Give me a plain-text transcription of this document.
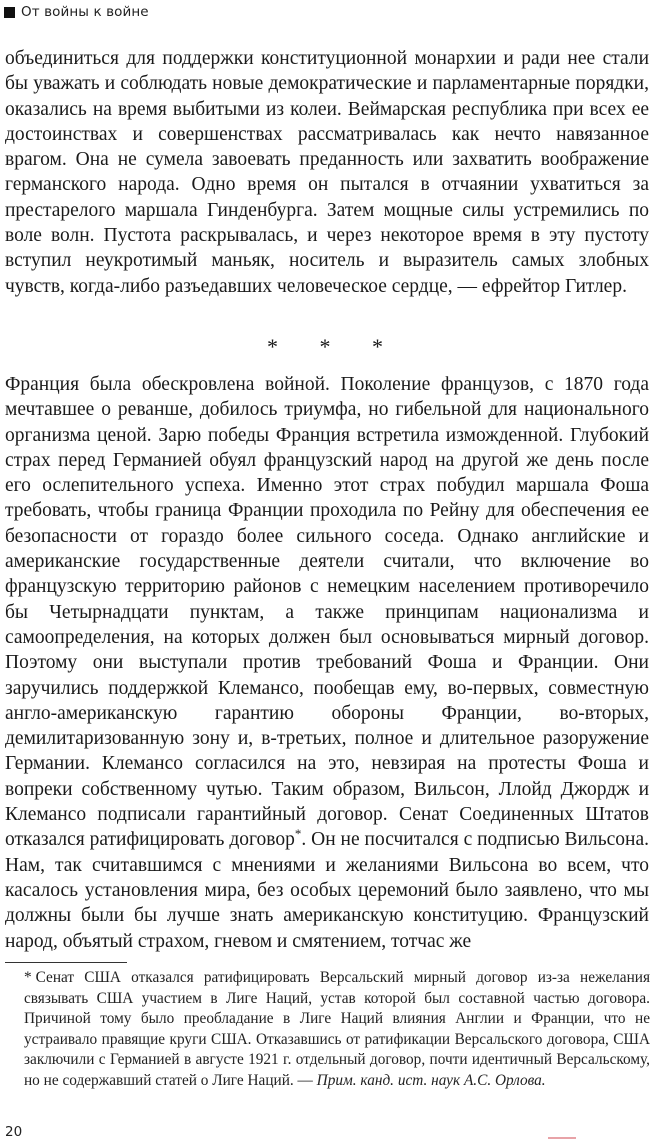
От войны к войне

объединиться для поддержки конституционной монархии и ради нее стали бы уважать и соблюдать новые демократические и парламентарные порядки, оказались на время выбитыми из колеи. Веймарская республика при всех ее достоинствах и совершенствах рассматривалась как нечто навязанное врагом. Она не сумела завоевать преданность или захватить воображение германского народа. Одно время он пытался в отчаянии ухватиться за престарелого маршала Гинденбурга. Затем мощные силы устремились по воле волн. Пустота раскрывалась, и через некоторое время в эту пустоту вступил неукротимый маньяк, носитель и выразитель самых злобных чувств, когда-либо разъедавших человеческое сердце, — ефрейтор Гитлер.

* * *

Франция была обескровлена войной. Поколение французов, с 1870 года мечтавшее о реванше, добилось триумфа, но гибельной для национального организма ценой. Зарю победы Франция встретила изможденной. Глубокий страх перед Германией обуял французский народ на другой же день после его ослепительного успеха. Именно этот страх побудил маршала Фоша требовать, чтобы граница Франции проходила по Рейну для обеспечения ее безопасности от гораздо более сильного соседа. Однако английские и американские государственные деятели считали, что включение во французскую территорию районов с немецким населением противоречило бы Четырнадцати пунктам, а также принципам национализма и самоопределения, на которых должен был основываться мирный договор. Поэтому они выступали против требований Фоша и Франции. Они заручились поддержкой Клемансо, пообещав ему, во-первых, совместную англо-американскую гарантию обороны Франции, во-вторых, демилитаризованную зону и, в-третьих, полное и длительное разоружение Германии. Клемансо согласился на это, невзирая на протесты Фоша и вопреки собственному чутью. Таким образом, Вильсон, Ллойд Джордж и Клемансо подписали гарантийный договор. Сенат Соединенных Штатов отказался ратифицировать договор*. Он не посчитался с подписью Вильсона. Нам, так считавшимся с мнениями и желаниями Вильсона во всем, что касалось установления мира, без особых церемоний было заявлено, что мы должны были бы лучше знать американскую конституцию. Французский народ, объятый страхом, гневом и смятением, тотчас же

* Сенат США отказался ратифицировать Версальский мирный договор из-за нежелания связывать США участием в Лиге Наций, устав которой был составной частью договора. Причиной тому было преобладание в Лиге Наций влияния Англии и Франции, что не устраивало правящие круги США. Отказавшись от ратификации Версальского договора, США заключили с Германией в августе 1921 г. отдельный договор, почти идентичный Версальскому, но не содержавший статей о Лиге Наций. — Прим. канд. ист. наук А.С. Орлова.
20
